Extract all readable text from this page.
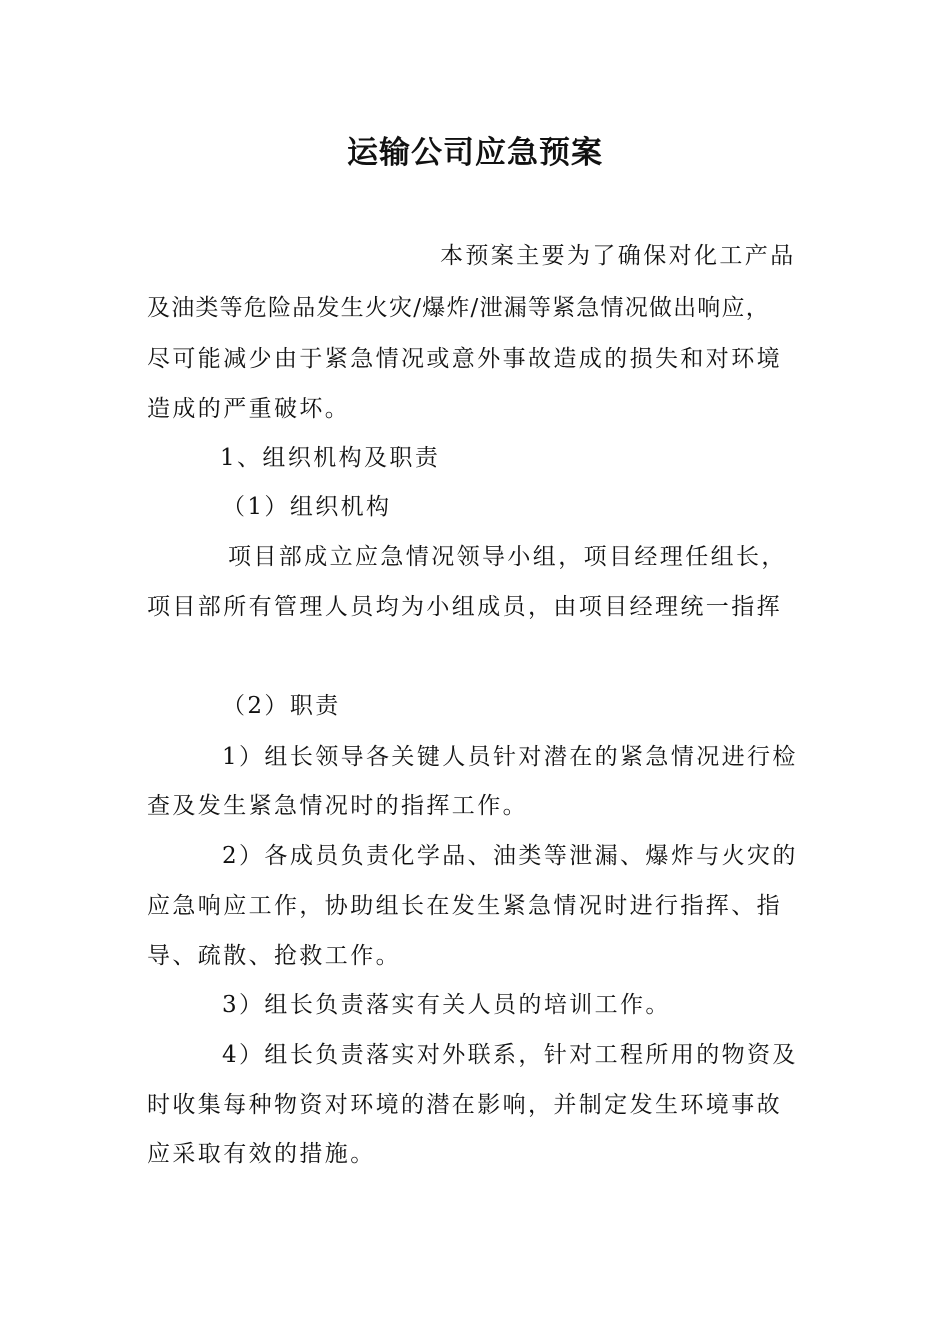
运输公司应急预案
本预案主要为了确保对化工产品
及油类等危险品发生火灾/爆炸/泄漏等紧急情况做出响应，
尽可能减少由于紧急情况或意外事故造成的损失和对环境
造成的严重破坏。
1、组织机构及职责
（1）组织机构
项目部成立应急情况领导小组，项目经理任组长，
项目部所有管理人员均为小组成员，由项目经理统一指挥
（2）职责
1）组长领导各关键人员针对潜在的紧急情况进行检
查及发生紧急情况时的指挥工作。
2）各成员负责化学品、油类等泄漏、爆炸与火灾的
应急响应工作，协助组长在发生紧急情况时进行指挥、指
导、疏散、抢救工作。
3）组长负责落实有关人员的培训工作。
4）组长负责落实对外联系，针对工程所用的物资及
时收集每种物资对环境的潜在影响，并制定发生环境事故
应采取有效的措施。
